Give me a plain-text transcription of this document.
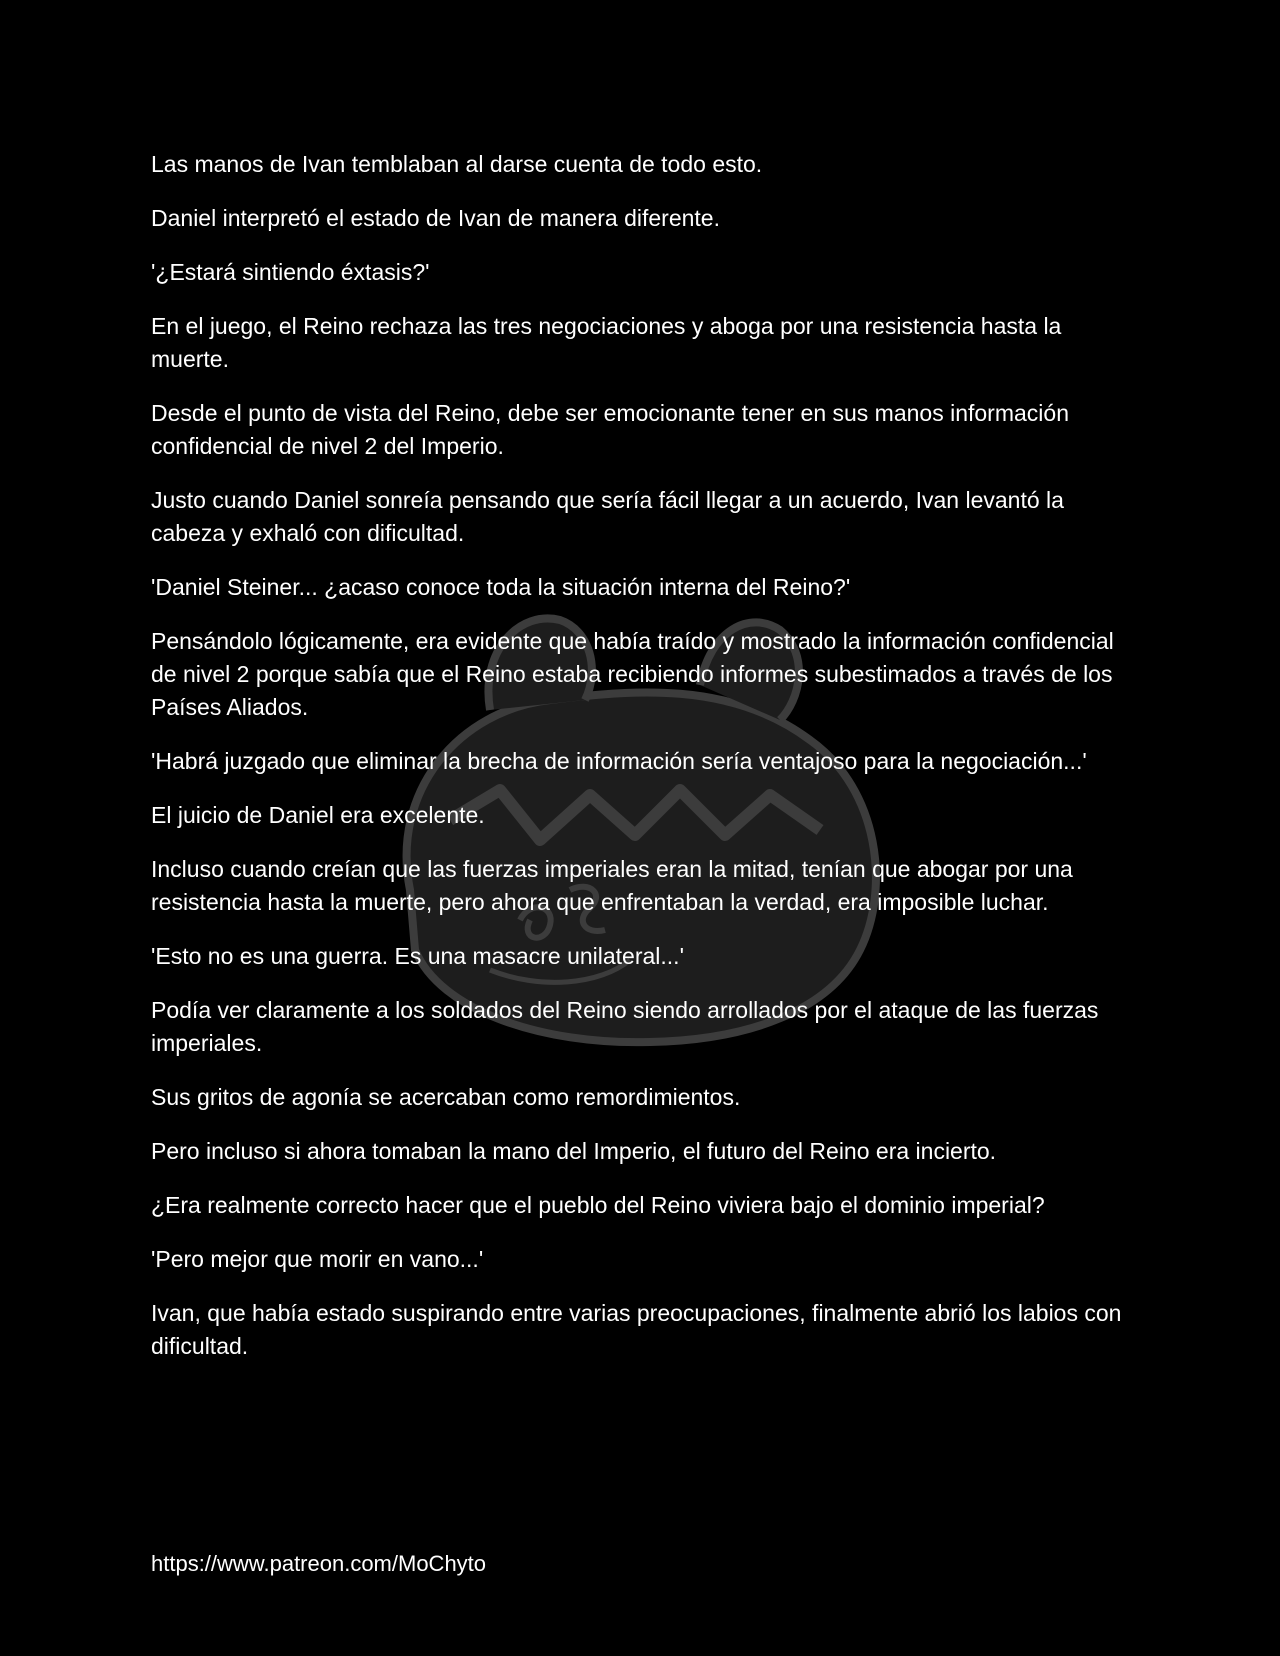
Las manos de Ivan temblaban al darse cuenta de todo esto.

Daniel interpretó el estado de Ivan de manera diferente.

'¿Estará sintiendo éxtasis?'

En el juego, el Reino rechaza las tres negociaciones y aboga por una resistencia hasta la muerte.

Desde el punto de vista del Reino, debe ser emocionante tener en sus manos información confidencial de nivel 2 del Imperio.

Justo cuando Daniel sonreía pensando que sería fácil llegar a un acuerdo, Ivan levantó la cabeza y exhaló con dificultad.

'Daniel Steiner... ¿acaso conoce toda la situación interna del Reino?'

Pensándolo lógicamente, era evidente que había traído y mostrado la información confidencial de nivel 2 porque sabía que el Reino estaba recibiendo informes subestimados a través de los Países Aliados.

'Habrá juzgado que eliminar la brecha de información sería ventajoso para la negociación...'

El juicio de Daniel era excelente.

Incluso cuando creían que las fuerzas imperiales eran la mitad, tenían que abogar por una resistencia hasta la muerte, pero ahora que enfrentaban la verdad, era imposible luchar.

'Esto no es una guerra. Es una masacre unilateral...'

Podía ver claramente a los soldados del Reino siendo arrollados por el ataque de las fuerzas imperiales.

Sus gritos de agonía se acercaban como remordimientos.

Pero incluso si ahora tomaban la mano del Imperio, el futuro del Reino era incierto.

¿Era realmente correcto hacer que el pueblo del Reino viviera bajo el dominio imperial?

'Pero mejor que morir en vano...'

Ivan, que había estado suspirando entre varias preocupaciones, finalmente abrió los labios con dificultad.

https://www.patreon.com/MoChyto
